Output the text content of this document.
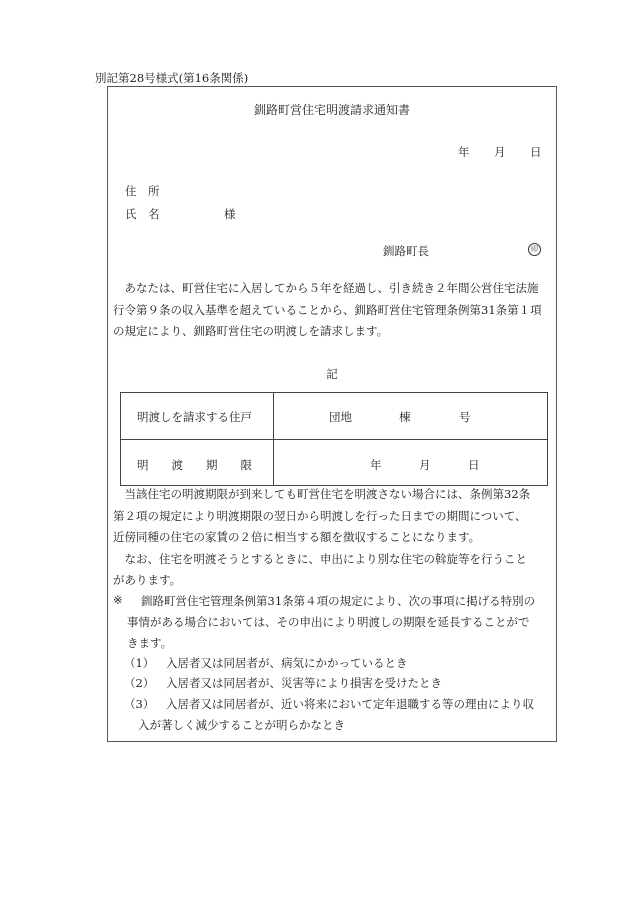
別記第28号様式(第16条関係)
釧路町営住宅明渡請求通知書
年 月 日
住　所
氏　名	様
釧路町長	印
　あなたは、町営住宅に入居してから５年を経過し、引き続き２年間公営住宅法施
行令第９条の収入基準を超えていることから、釧路町営住宅管理条例第31条第１項
の規定により、釧路町営住宅の明渡しを請求します。
記
明渡しを請求する住戸	団地	棟	号
明　　渡　　期　　限	年	月	日
　当該住宅の明渡期限が到来しても町営住宅を明渡さない場合には、条例第32条
第２項の規定により明渡期限の翌日から明渡しを行った日までの期間について、
近傍同種の住宅の家賃の２倍に相当する額を徴収することになります。
　なお、住宅を明渡そうとするときに、申出により別な住宅の斡旋等を行うこと
があります。
※ 釧路町営住宅管理条例第31条第４項の規定により、次の事項に掲げる特別の
事情がある場合においては、その申出により明渡しの期限を延長することがで
きます。
（1） 入居者又は同居者が、病気にかかっているとき
（2） 入居者又は同居者が、災害等により損害を受けたとき
（3） 入居者又は同居者が、近い将来において定年退職する等の理由により収
入が著しく減少することが明らかなとき
